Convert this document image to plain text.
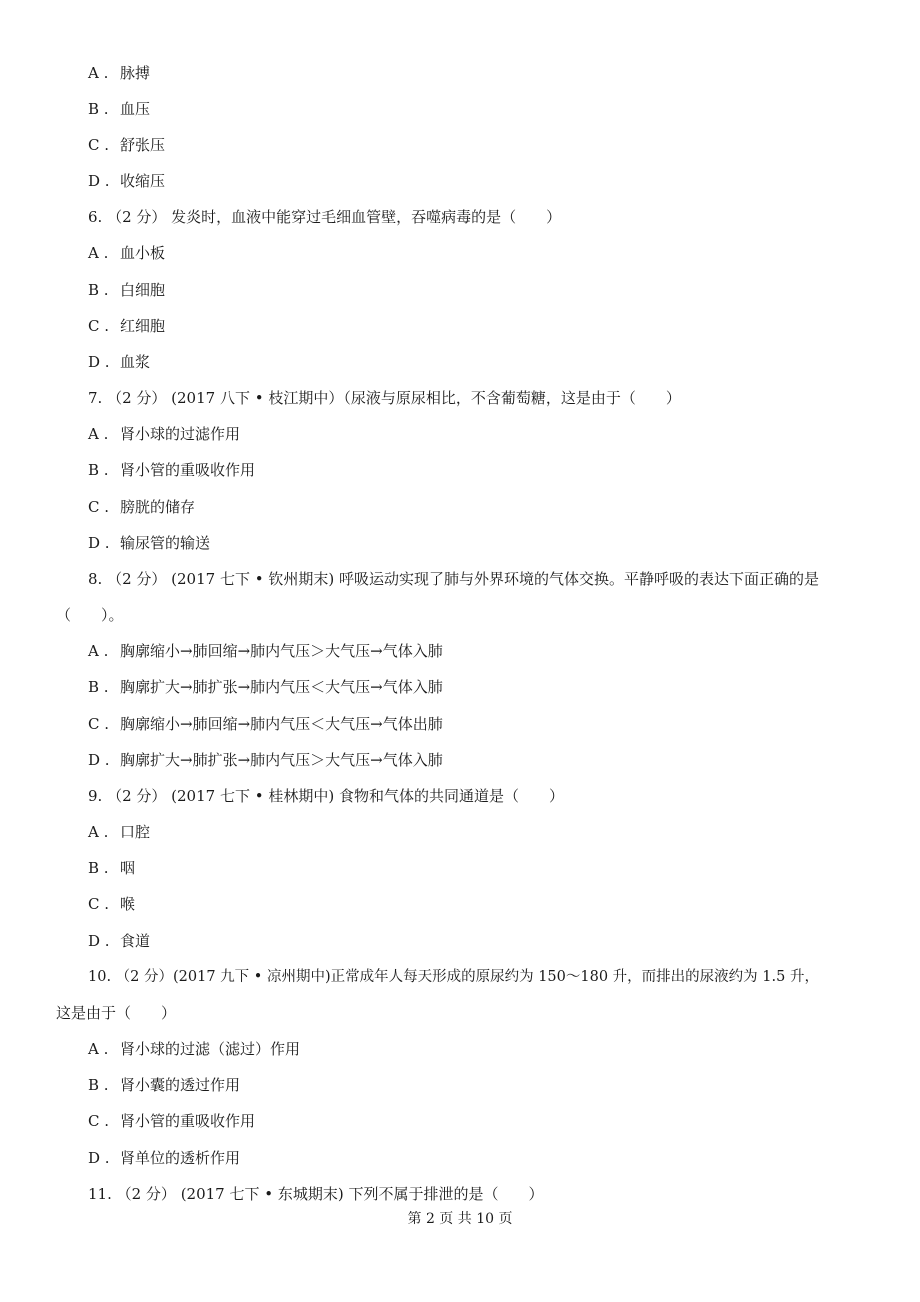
A . 脉搏
B . 血压
C . 舒张压
D . 收缩压
6. （2 分） 发炎时，血液中能穿过毛细血管壁，吞噬病毒的是（　　）
A . 血小板
B . 白细胞
C . 红细胞
D . 血浆
7. （2 分） (2017 八下 • 枝江期中）（尿液与原尿相比，不含葡萄糖，这是由于（　　）
A . 肾小球的过滤作用
B . 肾小管的重吸收作用
C . 膀胱的储存
D . 输尿管的输送
8. （2 分） (2017 七下 • 钦州期末) 呼吸运动实现了肺与外界环境的气体交换。平静呼吸的表达下面正确的是
（　　）。
A . 胸廓缩小→肺回缩→肺内气压＞大气压→气体入肺
B . 胸廓扩大→肺扩张→肺内气压＜大气压→气体入肺
C . 胸廓缩小→肺回缩→肺内气压＜大气压→气体出肺
D . 胸廓扩大→肺扩张→肺内气压＞大气压→气体入肺
9. （2 分） (2017 七下 • 桂林期中) 食物和气体的共同通道是（　　）
A . 口腔
B . 咽
C . 喉
D . 食道
10. （2 分）(2017 九下 • 凉州期中)正常成年人每天形成的原尿约为 150～180 升，而排出的尿液约为 1.5 升，
这是由于（　　）
A . 肾小球的过滤（滤过）作用
B . 肾小囊的透过作用
C . 肾小管的重吸收作用
D . 肾单位的透析作用
11. （2 分） (2017 七下 • 东城期末) 下列不属于排泄的是（　　）
第 2 页 共 10 页
